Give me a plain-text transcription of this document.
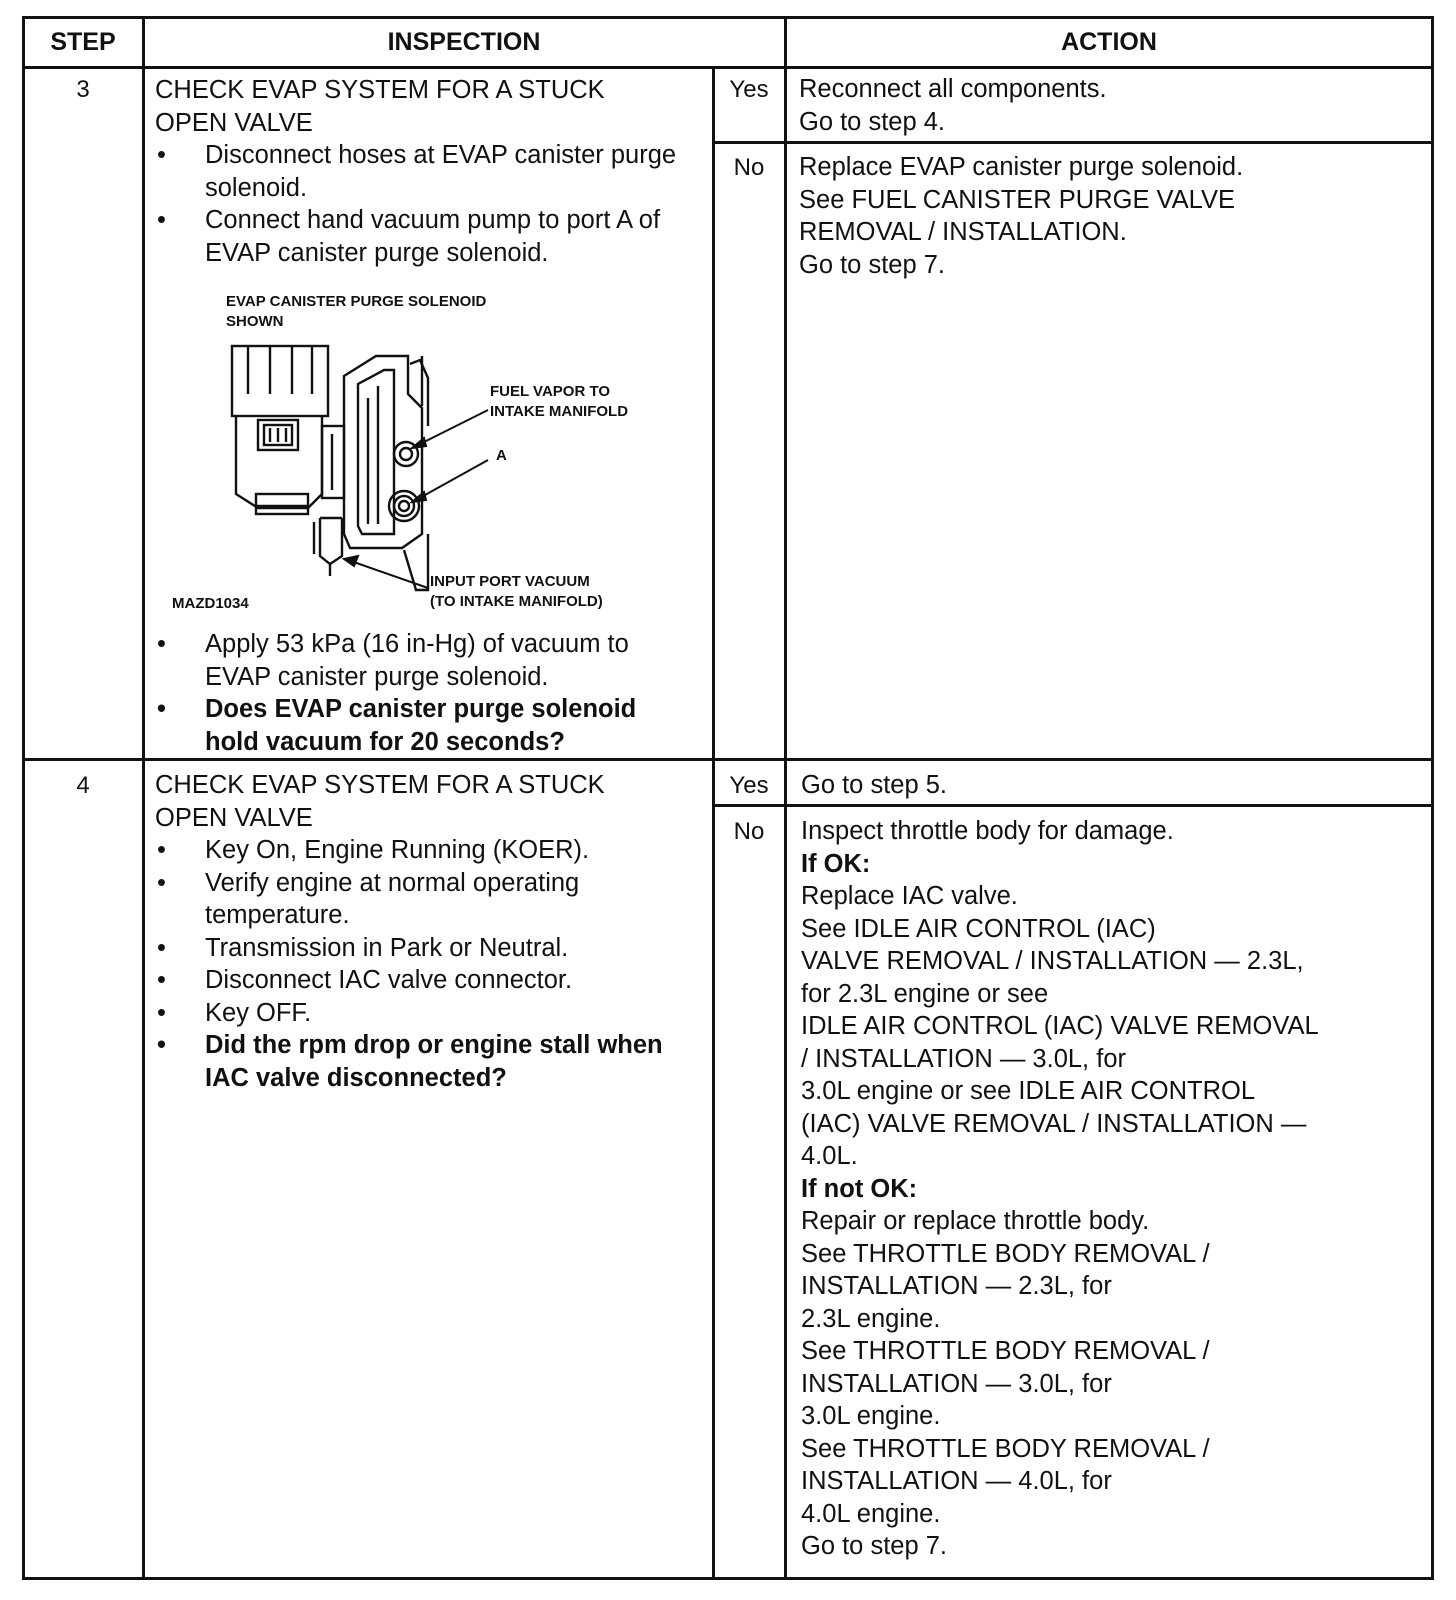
STEP	INSPECTION	ACTION
3	CHECK EVAP SYSTEM FOR A STUCK
OPEN VALVE
• Disconnect hoses at EVAP canister purge
solenoid.
• Connect hand vacuum pump to port A of
EVAP canister purge solenoid.
EVAP CANISTER PURGE SOLENOID
SHOWN
FUEL VAPOR TO
INTAKE MANIFOLD
A
INPUT PORT VACUUM
(TO INTAKE MANIFOLD)
MAZD1034
• Apply 53 kPa (16 in-Hg) of vacuum to
EVAP canister purge solenoid.
• Does EVAP canister purge solenoid
hold vacuum for 20 seconds?
Yes	Reconnect all components.
Go to step 4.
No	Replace EVAP canister purge solenoid.
See FUEL CANISTER PURGE VALVE
REMOVAL / INSTALLATION.
Go to step 7.
4	CHECK EVAP SYSTEM FOR A STUCK
OPEN VALVE
• Key On, Engine Running (KOER).
• Verify engine at normal operating
temperature.
• Transmission in Park or Neutral.
• Disconnect IAC valve connector.
• Key OFF.
• Did the rpm drop or engine stall when
IAC valve disconnected?
Yes	Go to step 5.
No	Inspect throttle body for damage.
If OK:
Replace IAC valve.
See IDLE AIR CONTROL (IAC)
VALVE REMOVAL / INSTALLATION — 2.3L,
for 2.3L engine or see
IDLE AIR CONTROL (IAC) VALVE REMOVAL
/ INSTALLATION — 3.0L, for
3.0L engine or see IDLE AIR CONTROL
(IAC) VALVE REMOVAL / INSTALLATION —
4.0L.
If not OK:
Repair or replace throttle body.
See THROTTLE BODY REMOVAL /
INSTALLATION — 2.3L, for
2.3L engine.
See THROTTLE BODY REMOVAL /
INSTALLATION — 3.0L, for
3.0L engine.
See THROTTLE BODY REMOVAL /
INSTALLATION — 4.0L, for
4.0L engine.
Go to step 7.
